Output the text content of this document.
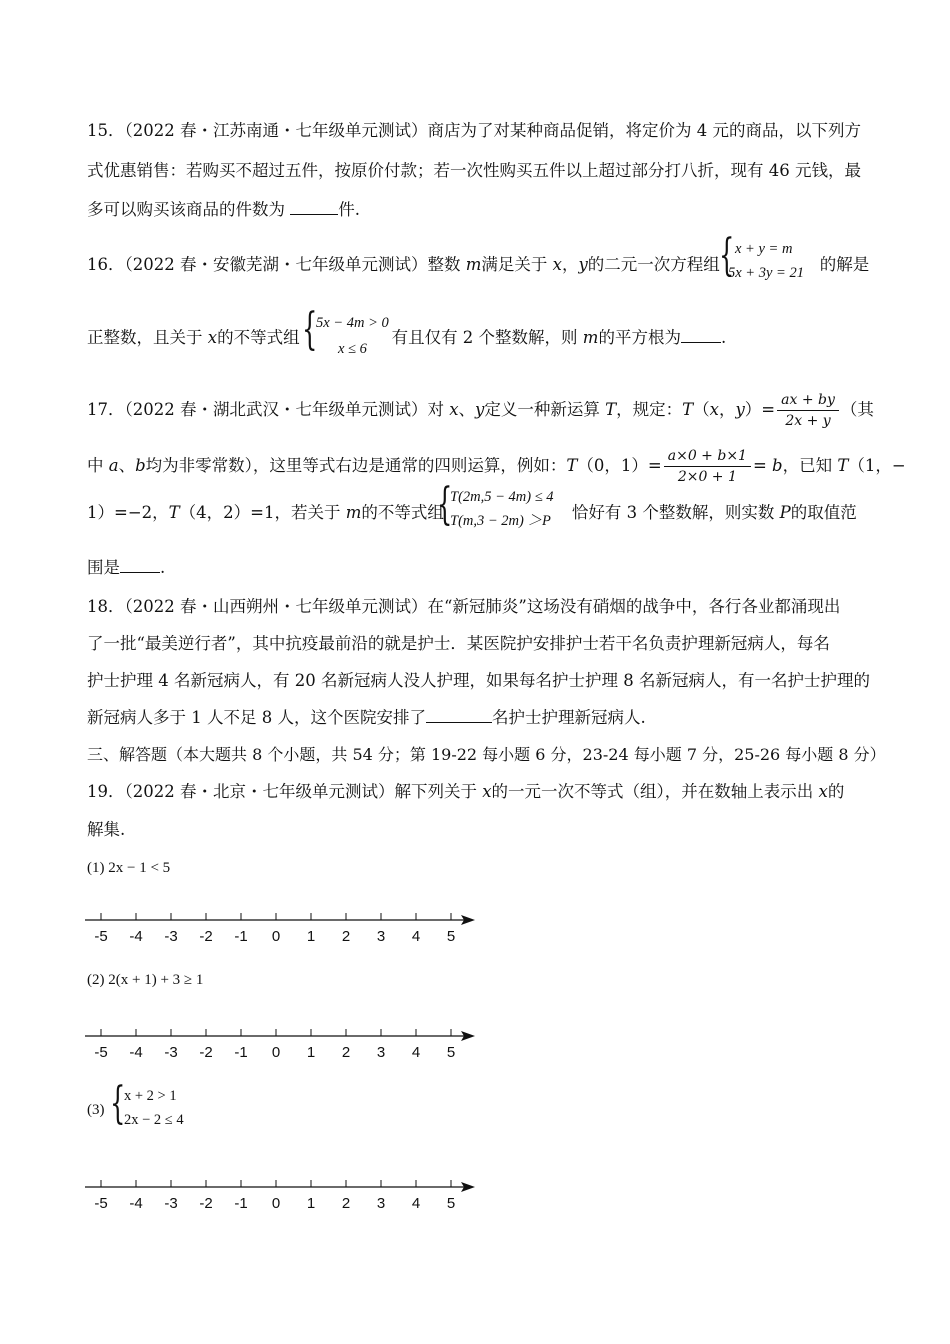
15．（2022 春・江苏南通・七年级单元测试）商店为了对某种商品促销，将定价为 4 元的商品，以下列方
式优惠销售：若购买不超过五件，按原价付款；若一次性购买五件以上超过部分打八折，现有 46 元钱，最
多可以购买该商品的件数为	件.
16．（2022 春・安徽芜湖・七年级单元测试）整数 m满足关于 x，y的二元一次方程组	的解是
{ x + y = m
5x + 3y = 21
正整数，且关于 x的不等式组	有且仅有 2 个整数解，则 m的平方根为 .
{
5x − 4m > 0
x ≤ 6
17．（2022 春・湖北武汉・七年级单元测试）对 x、y定义一种新运算 T，规定：T（x，$y)= \frac{ax + by}{2x + y}$ （其
中 a、b均为非零常数），这里等式右边是通常的四则运算，例如：T（0，$1)= \frac{a\times 0 + b\times 1}{2\times 0 + 1} = b$，已知 T（1，−
1）=−2，T（4，2）=1，若关于 m的不等式组	恰好有 3 个整数解，则实数 P的取值范
{
T(2m,5 − 4m) ≤ 4
T(m,3 − 2m) ＞P
围是 .
18．（2022 春・山西朔州・七年级单元测试）在“新冠肺炎”这场没有硝烟的战争中，各行各业都涌现出
了一批“最美逆行者”，其中抗疫最前沿的就是护士．某医院护安排护士若干名负责护理新冠病人，每名
护士护理 4 名新冠病人，有 20 名新冠病人没人护理，如果每名护士护理 8 名新冠病人，有一名护士护理的
新冠病人多于 1 人不足 8 人，这个医院安排了	名护士护理新冠病人.
三、解答题（本大题共 8 个小题，共 54 分；第 19-22 每小题 6 分，23-24 每小题 7 分，25-26 每小题 8 分）
19．（2022 春・北京・七年级单元测试）解下列关于 x的一元一次不等式（组），并在数轴上表示出 x的
解集.
(1) 2x − 1 < 5
-5 -4 -3 -2 -1 0 1 2 3 4 5
(2) 2(x + 1) + 3 ≥ 1
-5 -4 -3 -2 -1 0 1 2 3 4 5
(3) {
x + 2 > 1
2x − 2 ≤ 4
-5 -4 -3 -2 -1 0 1 2 3 4 5
